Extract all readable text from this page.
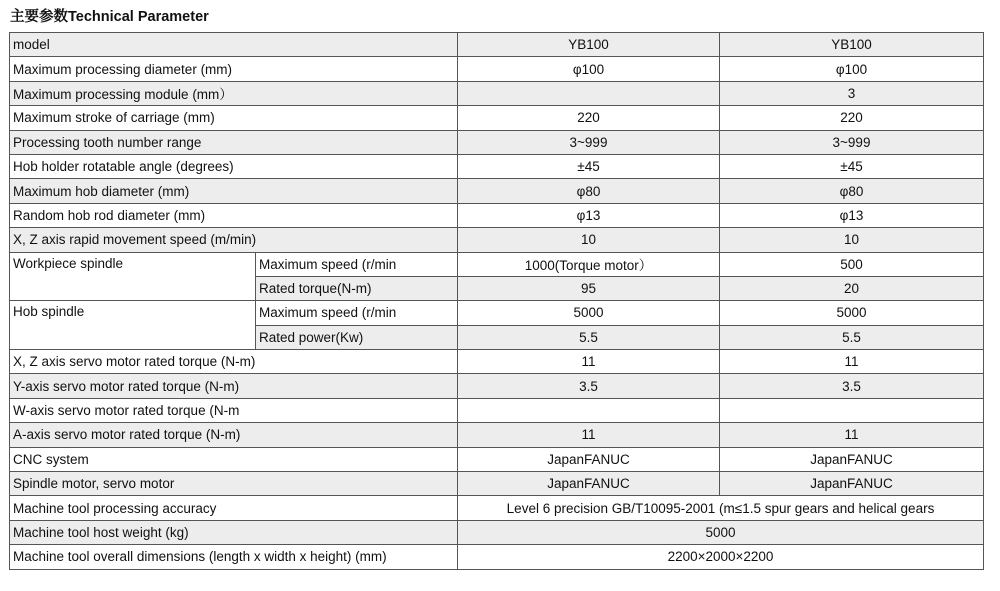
主要参数Technical Parameter
model		YB100	YB100
Maximum processing diameter (mm)		φ100	φ100
Maximum processing module (mm）			3
Maximum stroke of carriage (mm)		220	220
Processing tooth number range		3~999	3~999
Hob holder rotatable angle (degrees)		±45	±45
Maximum hob diameter (mm)		φ80	φ80
Random hob rod diameter (mm)		φ13	φ13
X, Z axis rapid movement speed (m/min)		10	10
Workpiece spindle	Maximum speed (r/min	1000(Torque motor）	500
	Rated torque(N-m)	95	20
Hob spindle	Maximum speed (r/min	5000	5000
	Rated power(Kw)	5.5	5.5
X, Z axis servo motor rated torque (N-m)		11	11
Y-axis servo motor rated torque (N-m)		3.5	3.5
W-axis servo motor rated torque (N-m			
A-axis servo motor rated torque (N-m)		11	11
CNC system		JapanFANUC	JapanFANUC
Spindle motor, servo motor		JapanFANUC	JapanFANUC
Machine tool processing accuracy		Level 6 precision GB/T10095-2001 (m≤1.5 spur gears and helical gears	
Machine tool host weight (kg)		5000	
Machine tool overall dimensions (length x width x height) (mm)		2200×2000×2200	
